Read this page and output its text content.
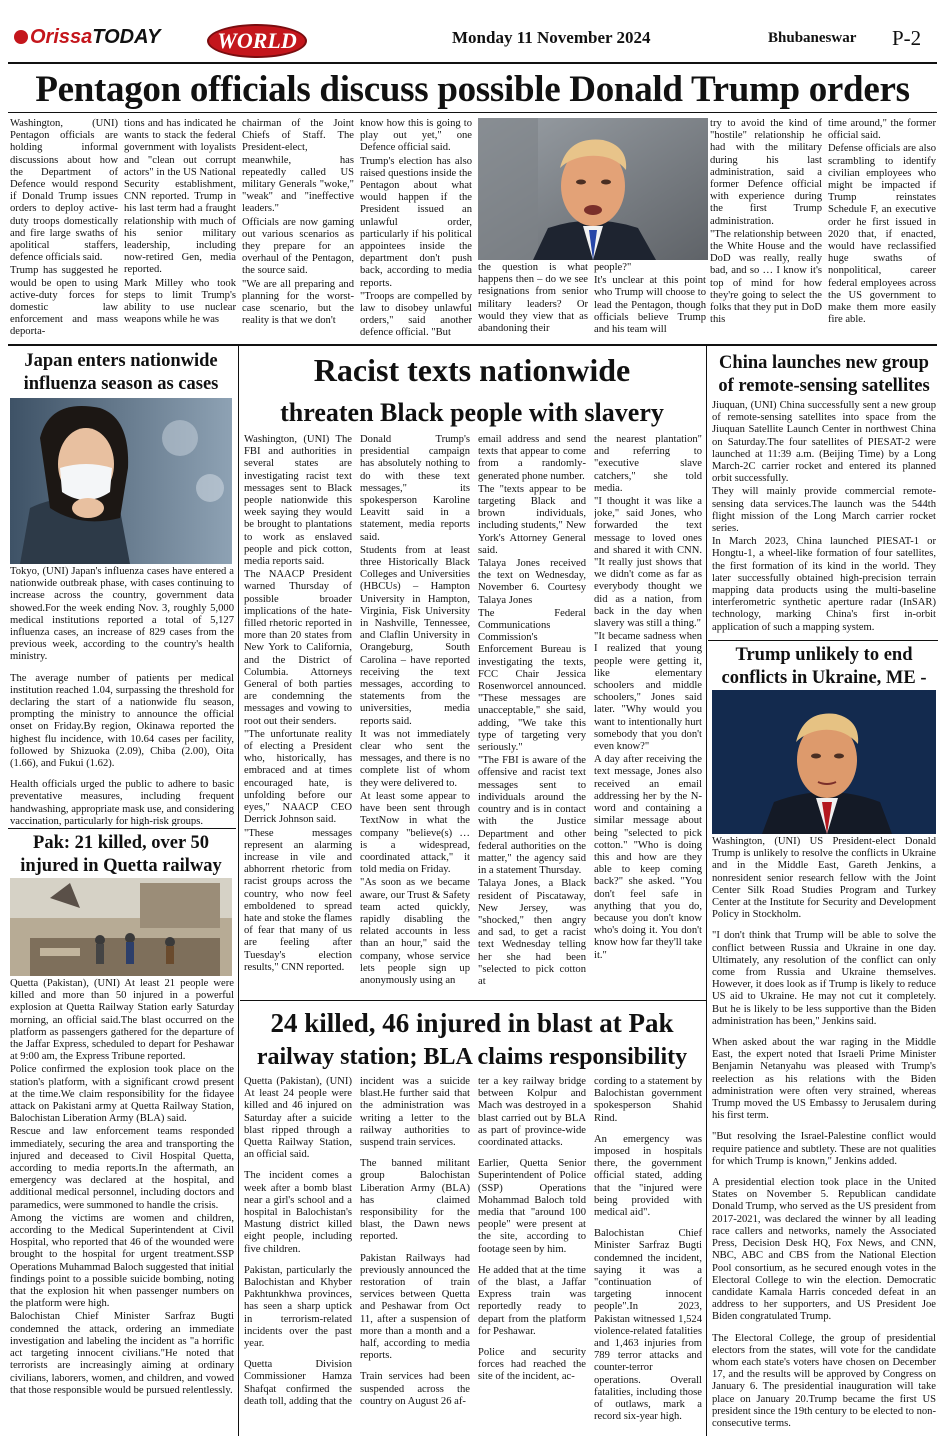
OrissaTODAY	WORLD	Monday 11 November 2024	Bhubaneswar P-2
Pentagon officials discuss possible Donald Trump orders

Washington, (UNI) Pentagon officials are holding informal discussions about how the Department of Defence would respond if Donald Trump issues orders to deploy active-duty troops domestically and fire large swaths of apolitical staffers, defence officials said.

Trump has suggested he would be open to using active-duty forces for domestic law enforcement and mass deporta-

tions and has indicated he wants to stack the federal government with loyalists and "clean out corrupt actors" in the US National Security establishment, CNN reported. Trump in his last term had a fraught relationship with much of his senior military leadership, including now-retired Gen, media reported.

Mark Milley who took steps to limit Trump's ability to use nuclear weapons while he was

chairman of the Joint Chiefs of Staff. The President-elect, meanwhile, has repeatedly called US military Generals "woke," "weak" and "ineffective leaders."

Officials are now gaming out various scenarios as they prepare for an overhaul of the Pentagon, the source said.

"We are all preparing and planning for the worst-case scenario, but the reality is that we don't

know how this is going to play out yet," one Defence official said.

Trump's election has also raised questions inside the Pentagon about what would happen if the President issued an unlawful order, particularly if his political appointees inside the department don't push back, according to media reports.

"Troops are compelled by law to disobey unlawful orders," said another defence official. "But

the question is what happens then – do we see resignations from senior military leaders? Or would they view that as abandoning their

people?"

It's unclear at this point who Trump will choose to lead the Pentagon, though officials believe Trump and his team will

try to avoid the kind of "hostile" relationship he had with the military during his last administration, said a former Defence official with experience during the first Trump administration.

"The relationship between the White House and the DoD was really, really bad, and so … I know it's top of mind for how they're going to select the folks that they put in DoD this

time around," the former official said.

Defense officials are also scrambling to identify civilian employees who might be impacted if Trump reinstates Schedule F, an executive order he first issued in 2020 that, if enacted, would have reclassified huge swaths of nonpolitical, career federal employees across the US government to make them more easily fire able.

Japan enters nationwide influenza season as cases

Tokyo, (UNI) Japan's influenza cases have entered a nationwide outbreak phase, with cases continuing to increase across the country, government data showed.For the week ending Nov. 3, roughly 5,000 medical institutions reported a total of 5,127 influenza cases, an increase of 829 cases from the previous week, according to the country's health ministry.

The average number of patients per medical institution reached 1.04, surpassing the threshold for declaring the start of a nationwide flu season, prompting the ministry to announce the official onset on Friday.By region, Okinawa reported the highest flu incidence, with 10.64 cases per facility, followed by Shizuoka (2.09), Chiba (2.00), Oita (1.66), and Fukui (1.62).

Health officials urged the public to adhere to basic preventative measures, including frequent handwashing, appropriate mask use, and considering vaccination, particularly for high-risk groups.

Pak: 21 killed, over 50 injured in Quetta railway

Quetta (Pakistan), (UNI) At least 21 people were killed and more than 50 injured in a powerful explosion at Quetta Railway Station early Saturday morning, an official said.The blast occurred on the platform as passengers gathered for the departure of the Jaffar Express, scheduled to depart for Peshawar at 9:00 am, the Express Tribune reported.

Police confirmed the explosion took place on the station's platform, with a significant crowd present at the time.We claim responsibility for the fidayee attack on Pakistani army at Quetta Railway Station, Balochistan Liberation Army (BLA) said.

Rescue and law enforcement teams responded immediately, securing the area and transporting the injured and deceased to Civil Hospital Quetta, according to media reports.In the aftermath, an emergency was declared at the hospital, and additional medical personnel, including doctors and paramedics, were summoned to handle the crisis.

Among the victims are women and children, according to the Medical Superintendent at Civil Hospital, who reported that 46 of the wounded were brought to the hospital for urgent treatment.SSP Operations Muhammad Baloch suggested that initial findings point to a possible suicide bombing, noting that the explosion hit when passenger numbers on the platform were high.

Balochistan Chief Minister Sarfraz Bugti condemned the attack, ordering an immediate investigation and labeling the incident as "a horrific act targeting innocent civilians."He noted that terrorists are increasingly aiming at ordinary civilians, laborers, women, and children, and vowed that those responsible would be pursued relentlessly.

Racist texts nationwide
threaten Black people with slavery

Washington, (UNI) The FBI and authorities in several states are investigating racist text messages sent to Black people nationwide this week saying they would be brought to plantations to work as enslaved people and pick cotton, media reports said.

The NAACP President warned Thursday of possible broader implications of the hate-filled rhetoric reported in more than 20 states from New York to California, and the District of Columbia. Attorneys General of both parties are condemning the messages and vowing to root out their senders.

"The unfortunate reality of electing a President who, historically, has embraced and at times encouraged hate, is unfolding before our eyes," NAACP CEO Derrick Johnson said.

"These messages represent an alarming increase in vile and abhorrent rhetoric from racist groups across the country, who now feel emboldened to spread hate and stoke the flames of fear that many of us are feeling after Tuesday's election results," CNN reported.

Donald Trump's presidential campaign has absolutely nothing to do with these text messages," its spokesperson Karoline Leavitt said in a statement, media reports said.

Students from at least three Historically Black Colleges and Universities (HBCUs) – Hampton University in Hampton, Virginia, Fisk University in Nashville, Tennessee, and Claflin University in Orangeburg, South Carolina – have reported receiving the text messages, according to statements from the universities, media reports said.

It was not immediately clear who sent the messages, and there is no complete list of whom they were delivered to.

At least some appear to have been sent through TextNow in what the company "believe(s) … is a widespread, coordinated attack," it told media on Friday.

"As soon as we became aware, our Trust & Safety team acted quickly, rapidly disabling the related accounts in less than an hour," said the company, whose service lets people sign up anonymously using an

email address and send texts that appear to come from a randomly-generated phone number.

The "texts appear to be targeting Black and brown individuals, including students," New York's Attorney General said.

Talaya Jones received the text on Wednesday, November 6. Courtesy Talaya Jones

The Federal Communications Commission's Enforcement Bureau is investigating the texts, FCC Chair Jessica Rosenworcel announced. "These messages are unacceptable," she said, adding, "We take this type of targeting very seriously."

"The FBI is aware of the offensive and racist text messages sent to individuals around the country and is in contact with the Justice Department and other federal authorities on the matter," the agency said in a statement Thursday.

Talaya Jones, a Black resident of Piscataway, New Jersey, was "shocked," then angry and sad, to get a racist text Wednesday telling her she had been "selected to pick cotton at

the nearest plantation" and referring to "executive slave catchers," she told media.

"I thought it was like a joke," said Jones, who forwarded the text message to loved ones and shared it with CNN. "It really just shows that we didn't come as far as everybody thought we did as a nation, from back in the day when slavery was still a thing."

"It became sadness when I realized that young people were getting it, like elementary schoolers and middle schoolers," Jones said later. "Why would you want to intentionally hurt somebody that you don't even know?"

A day after receiving the text message, Jones also received an email addressing her by the N-word and containing a similar message about being "selected to pick cotton." "Who is doing this and how are they able to keep coming back?" she asked. "You don't feel safe in anything that you do, because you don't know who's doing it. You don't know how far they'll take it."

24 killed, 46 injured in blast at Pak
railway station; BLA claims responsibility

Quetta (Pakistan), (UNI) At least 24 people were killed and 46 injured on Saturday after a suicide blast ripped through a Quetta Railway Station, an official said.

The incident comes a week after a bomb blast near a girl's school and a hospital in Balochistan's Mastung district killed eight people, including five children.

Pakistan, particularly the Balochistan and Khyber Pakhtunkhwa provinces, has seen a sharp uptick in terrorism-related incidents over the past year.

Quetta Division Commissioner Hamza Shafqat confirmed the death toll, adding that the

incident was a suicide blast.He further said that the administration was writing a letter to the railway authorities to suspend train services.

The banned militant group Balochistan Liberation Army (BLA) has claimed responsibility for the blast, the Dawn news reported.

Pakistan Railways had previously announced the restoration of train services between Quetta and Peshawar from Oct 11, after a suspension of more than a month and a half, according to media reports.

Train services had been suspended across the country on August 26 af-

ter a key railway bridge between Kolpur and Mach was destroyed in a blast carried out by BLA as part of province-wide coordinated attacks.

Earlier, Quetta Senior Superintendent of Police (SSP) Operations Mohammad Baloch told media that "around 100 people" were present at the site, according to footage seen by him.

He added that at the time of the blast, a Jaffar Express train was reportedly ready to depart from the platform for Peshawar.

Police and security forces had reached the site of the incident, ac-

cording to a statement by Balochistan government spokesperson Shahid Rind.

An emergency was imposed in hospitals there, the government official stated, adding that the "injured were being provided with medical aid".

Balochistan Chief Minister Sarfraz Bugti condemned the incident, saying it was a "continuation of targeting innocent people".In 2023, Pakistan witnessed 1,524 violence-related fatalities and 1,463 injuries from 789 terror attacks and counter-terror operations. Overall fatalities, including those of outlaws, mark a record six-year high.

China launches new group of remote-sensing satellites

Jiuquan, (UNI) China successfully sent a new group of remote-sensing satellites into space from the Jiuquan Satellite Launch Center in northwest China on Saturday.The four satellites of PIESAT-2 were launched at 11:39 a.m. (Beijing Time) by a Long March-2C carrier rocket and entered its planned orbit successfully.

They will mainly provide commercial remote-sensing data services.The launch was the 544th flight mission of the Long March carrier rocket series.

In March 2023, China launched PIESAT-1 or Hongtu-1, a wheel-like formation of four satellites, the first formation of its kind in the world. They later successfully obtained high-precision terrain mapping data products using the multi-baseline interferometric synthetic aperture radar (InSAR) technology, marking China's first in-orbit application of such a mapping system.

Trump unlikely to end conflicts in Ukraine, ME -

Washington, (UNI) US President-elect Donald Trump is unlikely to resolve the conflicts in Ukraine and in the Middle East, Gareth Jenkins, a nonresident senior research fellow with the Joint Center Silk Road Studies Program and Turkey Center at the Institute for Security and Development Policy in Stockholm.

"I don't think that Trump will be able to solve the conflict between Russia and Ukraine in one day. Ultimately, any resolution of the conflict can only come from Russia and Ukraine themselves. However, it does look as if Trump is likely to reduce US aid to Ukraine. He may not cut it completely. But he is likely to be less supportive than the Biden administration has been," Jenkins said.

When asked about the war raging in the Middle East, the expert noted that Israeli Prime Minister Benjamin Netanyahu was pleased with Trump's reelection as his relations with the Biden administration were often very strained, whereas Trump moved the US Embassy to Jerusalem during his first term.

"But resolving the Israel-Palestine conflict would require patience and subtlety. These are not qualities for which Trump is known," Jenkins added.

A presidential election took place in the United States on November 5. Republican candidate Donald Trump, who served as the US president from 2017-2021, was declared the winner by all leading race callers and networks, namely the Associated Press, Decision Desk HQ, Fox News, and CNN, NBC, ABC and CBS from the National Election Pool consortium, as he secured enough votes in the Electoral College to win the election. Democratic candidate Kamala Harris conceded defeat in an address to her supporters, and US President Joe Biden congratulated Trump.

The Electoral College, the group of presidential electors from the states, will vote for the candidate whom each state's voters have chosen on December 17, and the results will be approved by Congress on January 6. The presidential inauguration will take place on January 20.Trump became the first US president since the 19th century to be elected to non-consecutive terms.
